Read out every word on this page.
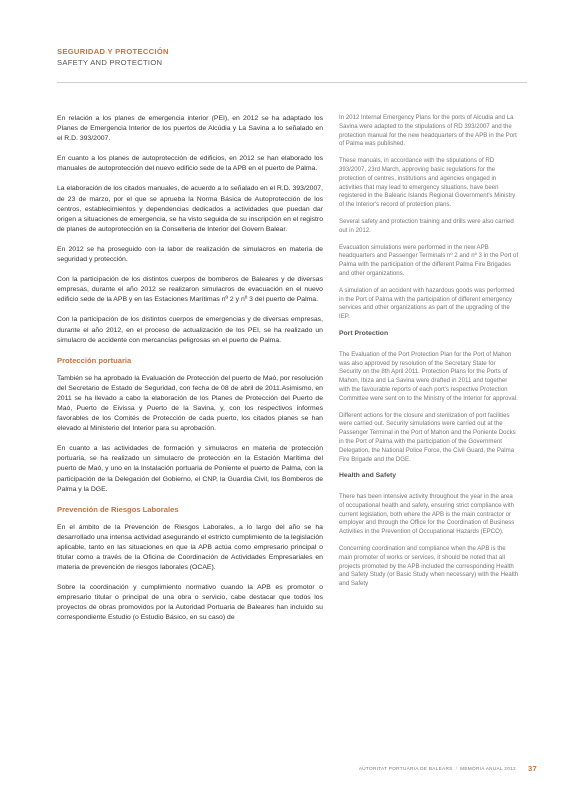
SEGURIDAD Y PROTECCIÓN
SAFETY AND PROTECTION

En relación a los planes de emergencia interior (PEI), en 2012 se ha adaptado los Planes de Emergencia Interior de los puertos de Alcúdia y La Savina a lo señalado en el R.D. 393/2007.

En cuanto a los planes de autoprotección de edificios, en 2012 se han elaborado los manuales de autoprotección del nuevo edificio sede de la APB en el puerto de Palma.

La elaboración de los citados manuales, de acuerdo a lo señalado en el R.D. 393/2007, de 23 de marzo, por el que se aprueba la Norma Básica de Autoprotección de los centros, establecimientos y dependencias dedicados a actividades que puedan dar origen a situaciones de emergencia, se ha visto seguida de su inscripción en el registro de planes de autoprotección en la Conselleria de Interior del Govern Balear.

En 2012 se ha proseguido con la labor de realización de simulacros en materia de seguridad y protección.

Con la participación de los distintos cuerpos de bomberos de Baleares y de diversas empresas, durante el año 2012 se realizaron simulacros de evacuación en el nuevo edificio sede de la APB y en las Estaciones Marítimas nº 2 y nº 3 del puerto de Palma.

Con la participación de los distintos cuerpos de emergencias y de diversas empresas, durante el año 2012, en el proceso de actualización de los PEI, se ha realizado un simulacro de accidente con mercancías peligrosas en el puerto de Palma.

Protección portuaria

También se ha aprobado la Evaluación de Protección del puerto de Maó, por resolución del Secretario de Estado de Seguridad, con fecha de 08 de abril de 2011.Asimismo, en 2011 se ha llevado a cabo la elaboración de los Planes de Protección del Puerto de Maó, Puerto de Eivissa y Puerto de la Savina, y, con los respectivos informes favorables de los Comités de Protección de cada puerto, los citados planes se han elevado al Ministerio del Interior para su aprobación.

En cuanto a las actividades de formación y simulacros en materia de protección portuaria, se ha realizado un simulacro de protección en la Estación Marítima del puerto de Maó, y uno en la Instalación portuaria de Poniente el puerto de Palma, con la participación de la Delegación del Gobierno, el CNP, la Guardia Civil, los Bomberos de Palma y la DGE.

Prevención de Riesgos Laborales

En el ámbito de la Prevención de Riesgos Laborales, a lo largo del año se ha desarrollado una intensa actividad asegurando el estricto cumplimiento de la legislación aplicable, tanto en las situaciones en que la APB actúa como empresario principal o titular como a través de la Oficina de Coordinación de Actividades Empresariales en materia de prevención de riesgos laborales (OCAE).

Sobre la coordinación y cumplimiento normativo cuando la APB es promotor o empresario titular o principal de una obra o servicio, cabe destacar que todos los proyectos de obras promovidos por la Autoridad Portuaria de Baleares han incluido su correspondiente Estudio (o Estudio Básico, en su caso) de

In 2012 Internal Emergency Plans for the ports of Alcudia and La Savina were adapted to the stipulations of RD 393/2007 and the protection manual for the new headquarters of the APB in the Port of Palma was published.

These manuals, in accordance with the stipulations of RD 393/2007, 23rd March, approving basic regulations for the protection of centres, institutions and agencies engaged in activities that may lead to emergency situations, have been registered in the Balearic Islands Regional Government's Ministry of the Interior's record of protection plans.

Several safety and protection training and drills were also carried out in 2012.

Evacuation simulations were performed in the new APB headquarters and Passenger Terminals nº 2 and nº 3 in the Port of Palma with the participation of the different Palma Fire Brigades and other organizations.

A simulation of an accident with hazardous goods was performed in the Port of Palma with the participation of different emergency services and other organizations as part of the upgrading of the IEP.

Port Protection

The Evaluation of the Port Protection Plan for the Port of Mahon was also approved by resolution of the Secretary State for Security on the 8th April 2011. Protection Plans for the Ports of Mahon, Ibiza and La Savina were drafted in 2011 and together with the favourable reports of each port's respective Protection Committee were sent on to the Ministry of the Interior for approval.

Different actions for the closure and sterilization of port facilities were carried out. Security simulations were carried out at the Passenger Terminal in the Port of Mahon and the Poniente Docks in the Port of Palma with the participation of the Government Delegation, the National Police Force, the Civil Guard, the Palma Fire Brigade and the DGE.

Health and Safety

There has been intensive activity throughout the year in the area of occupational health and safety, ensuring strict compliance with current legislation, both where the APB is the main contractor or employer and through the Office for the Coordination of Business Activities in the Prevention of Occupational Hazards (EPCO).

Concerning coordination and compliance when the APB is the main promoter of works or services, it should be noted that all projects promoted by the APB included the corresponding Health and Safety Study (or Basic Study when necessary) with the Health and Safety

AUTORITAT PORTUÀRIA DE BALEARS / MEMÒRIA ANUAL 2012 37
